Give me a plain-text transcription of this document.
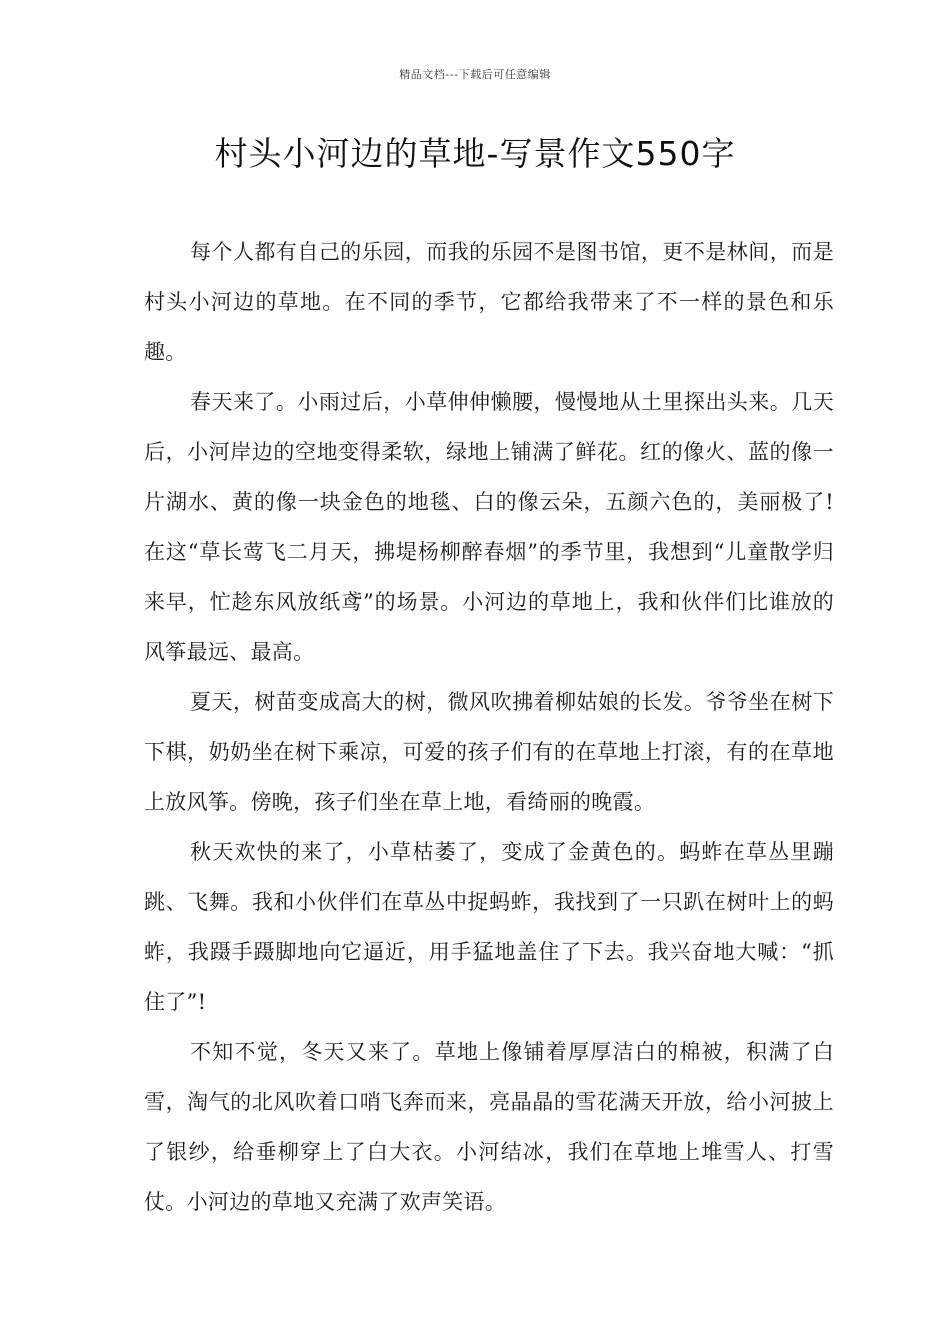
精品文档---下载后可任意编辑
村头小河边的草地-写景作文550字

每个人都有自己的乐园，而我的乐园不是图书馆，更不是林间，而是村头小河边的草地。在不同的季节，它都给我带来了不一样的景色和乐趣。

春天来了。小雨过后，小草伸伸懒腰，慢慢地从土里探出头来。几天后，小河岸边的空地变得柔软，绿地上铺满了鲜花。红的像火、蓝的像一片湖水、黄的像一块金色的地毯、白的像云朵，五颜六色的，美丽极了!在这“草长莺飞二月天，拂堤杨柳醉春烟”的季节里，我想到“儿童散学归来早，忙趁东风放纸鸢”的场景。小河边的草地上，我和伙伴们比谁放的风筝最远、最高。

夏天，树苗变成高大的树，微风吹拂着柳姑娘的长发。爷爷坐在树下下棋，奶奶坐在树下乘凉，可爱的孩子们有的在草地上打滚，有的在草地上放风筝。傍晚，孩子们坐在草上地，看绮丽的晚霞。

秋天欢快的来了，小草枯萎了，变成了金黄色的。蚂蚱在草丛里蹦跳、飞舞。我和小伙伴们在草丛中捉蚂蚱，我找到了一只趴在树叶上的蚂蚱，我蹑手蹑脚地向它逼近，用手猛地盖住了下去。我兴奋地大喊：“抓住了”!

不知不觉，冬天又来了。草地上像铺着厚厚洁白的棉被，积满了白雪，淘气的北风吹着口哨飞奔而来，亮晶晶的雪花满天开放，给小河披上了银纱，给垂柳穿上了白大衣。小河结冰，我们在草地上堆雪人、打雪仗。小河边的草地又充满了欢声笑语。
